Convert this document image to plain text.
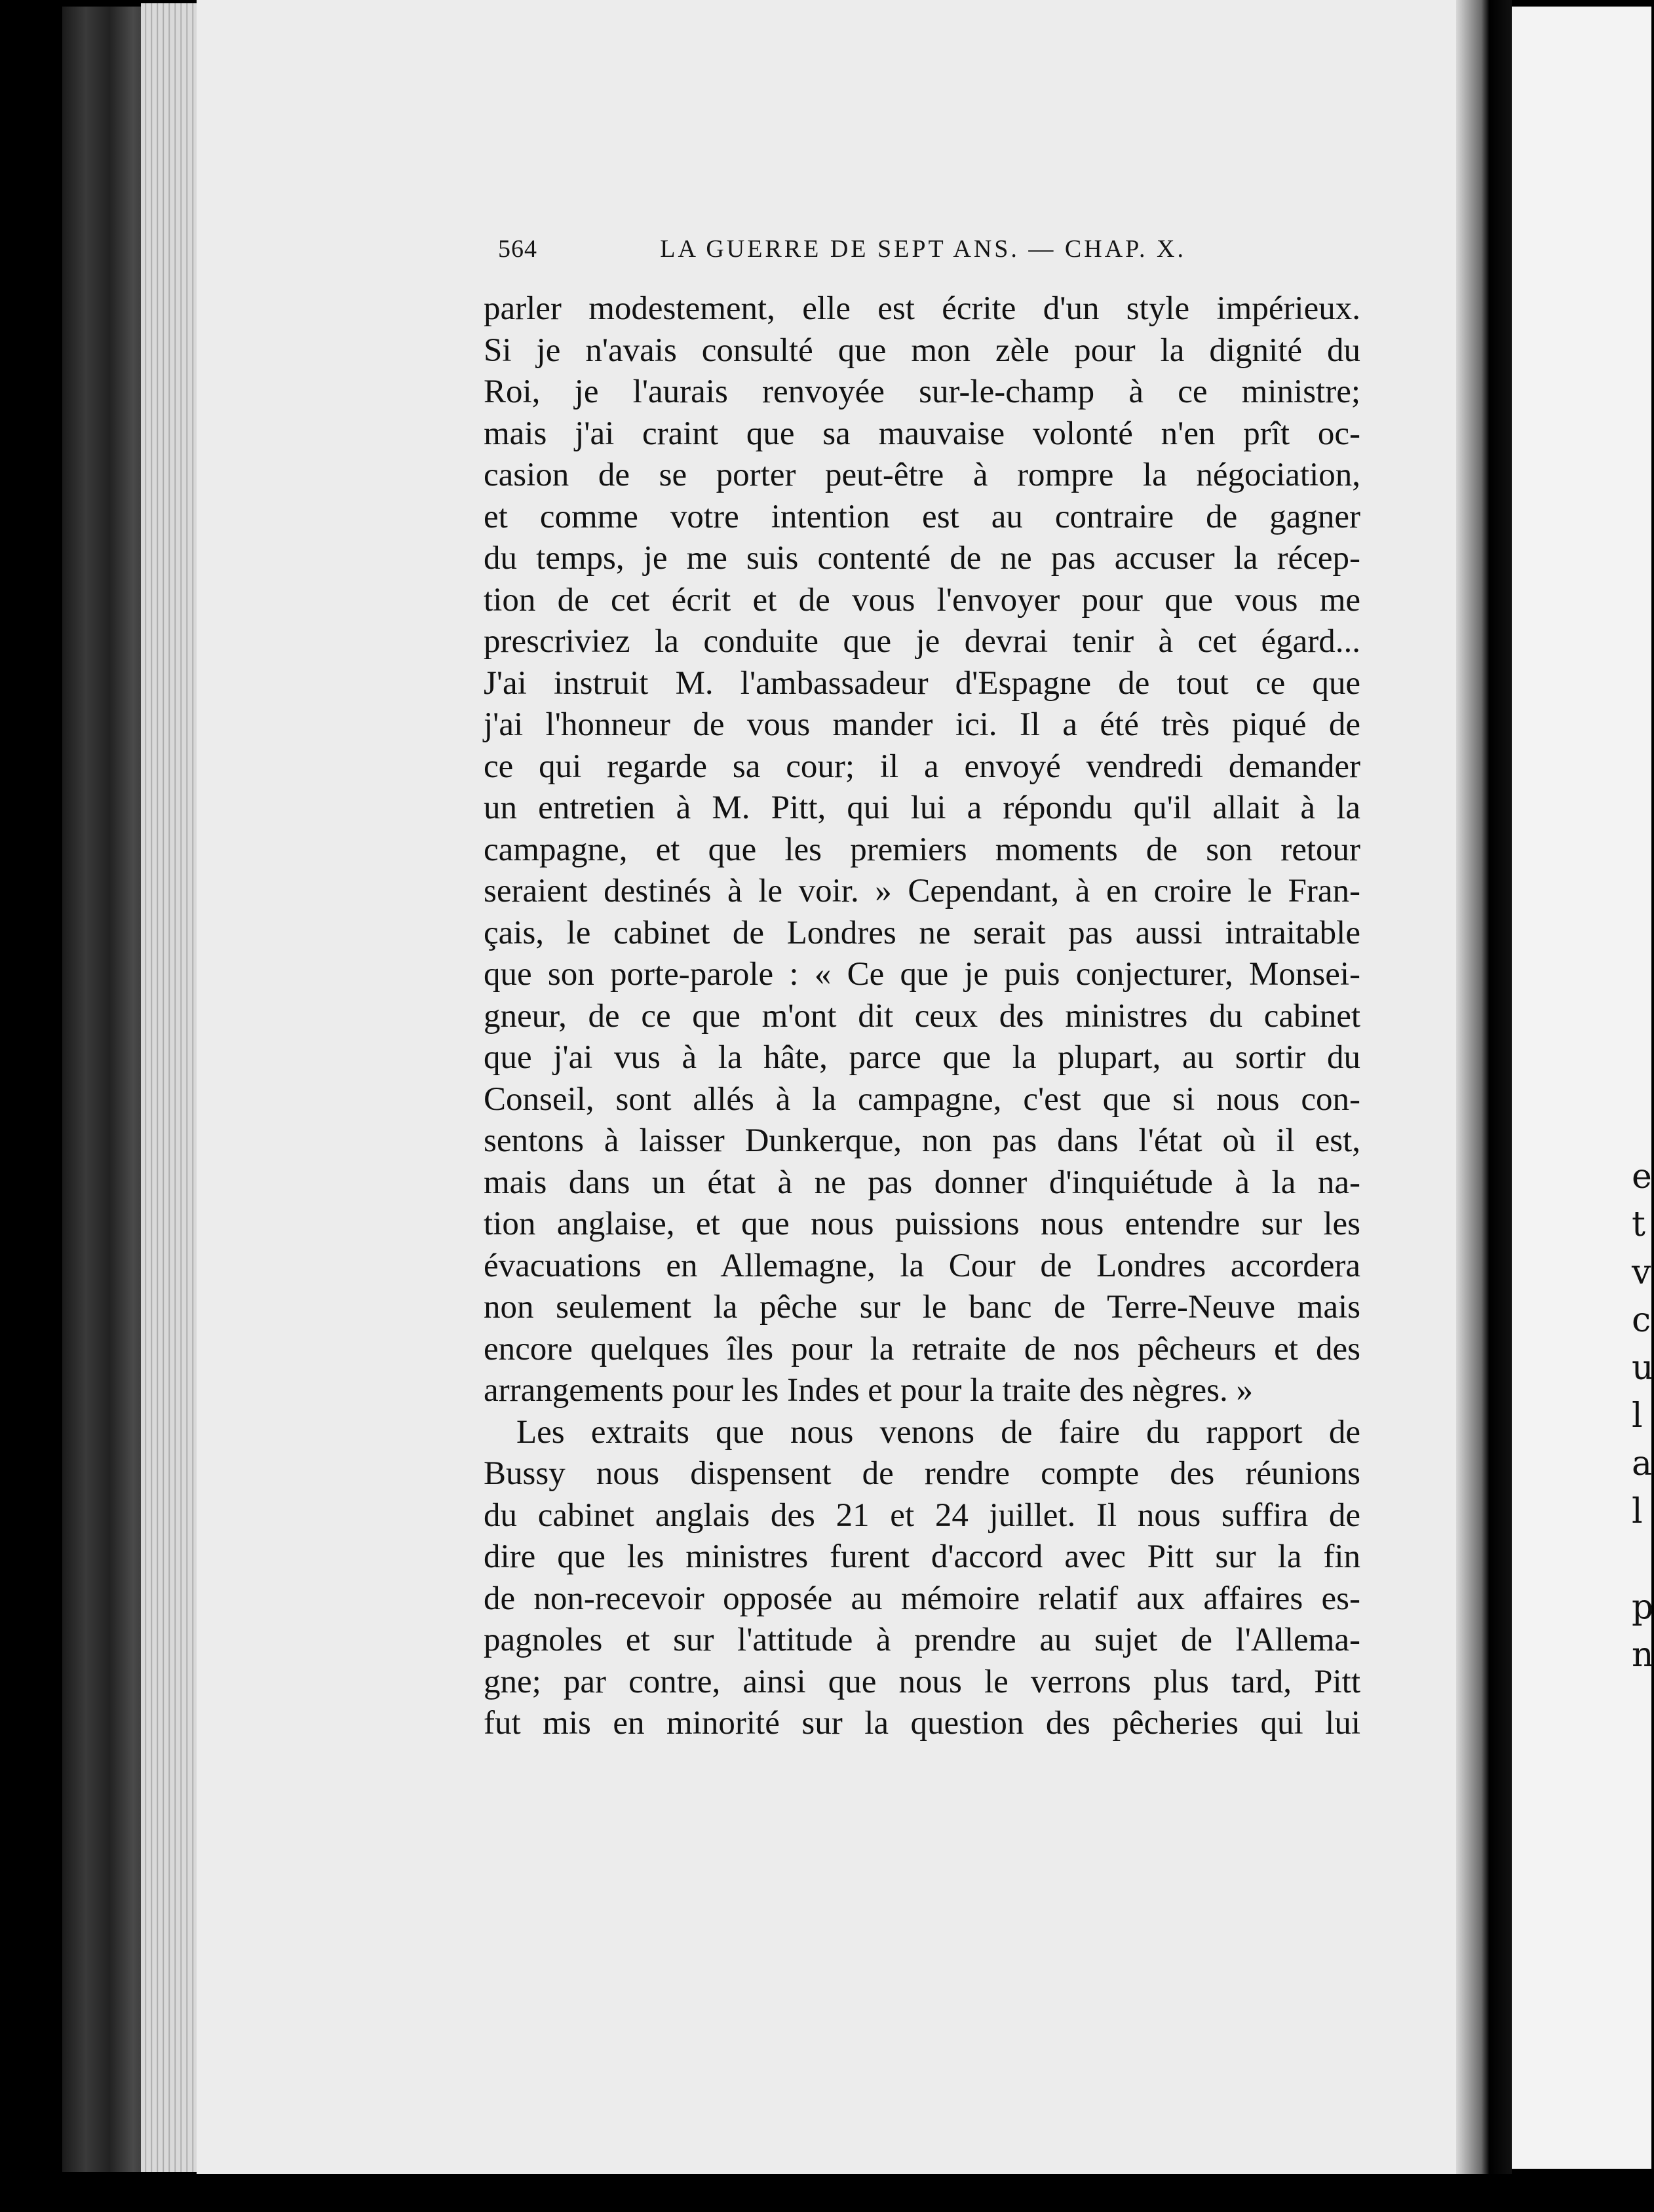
564	LA GUERRE DE SEPT ANS. — CHAP. X.
parler modestement, elle est écrite d'un style impérieux.
Si je n'avais consulté que mon zèle pour la dignité du
Roi, je l'aurais renvoyée sur-le-champ à ce ministre;
mais j'ai craint que sa mauvaise volonté n'en prît oc-
casion de se porter peut-être à rompre la négociation,
et comme votre intention est au contraire de gagner
du temps, je me suis contenté de ne pas accuser la récep-
tion de cet écrit et de vous l'envoyer pour que vous me
prescriviez la conduite que je devrai tenir à cet égard...
J'ai instruit M. l'ambassadeur d'Espagne de tout ce que
j'ai l'honneur de vous mander ici. Il a été très piqué de
ce qui regarde sa cour; il a envoyé vendredi demander
un entretien à M. Pitt, qui lui a répondu qu'il allait à la
campagne, et que les premiers moments de son retour
seraient destinés à le voir. » Cependant, à en croire le Fran-
çais, le cabinet de Londres ne serait pas aussi intraitable
que son porte-parole : « Ce que je puis conjecturer, Monsei-
gneur, de ce que m'ont dit ceux des ministres du cabinet
que j'ai vus à la hâte, parce que la plupart, au sortir du
Conseil, sont allés à la campagne, c'est que si nous con-
sentons à laisser Dunkerque, non pas dans l'état où il est,
mais dans un état à ne pas donner d'inquiétude à la na-
tion anglaise, et que nous puissions nous entendre sur les
évacuations en Allemagne, la Cour de Londres accordera
non seulement la pêche sur le banc de Terre-Neuve mais
encore quelques îles pour la retraite de nos pêcheurs et des
arrangements pour les Indes et pour la traite des nègres. »
Les extraits que nous venons de faire du rapport de
Bussy nous dispensent de rendre compte des réunions
du cabinet anglais des 21 et 24 juillet. Il nous suffira de
dire que les ministres furent d'accord avec Pitt sur la fin
de non-recevoir opposée au mémoire relatif aux affaires es-
pagnoles et sur l'attitude à prendre au sujet de l'Allema-
gne; par contre, ainsi que nous le verrons plus tard, Pitt
fut mis en minorité sur la question des pêcheries qui lui
e
t
v
c
u
l
a
l
p
n
